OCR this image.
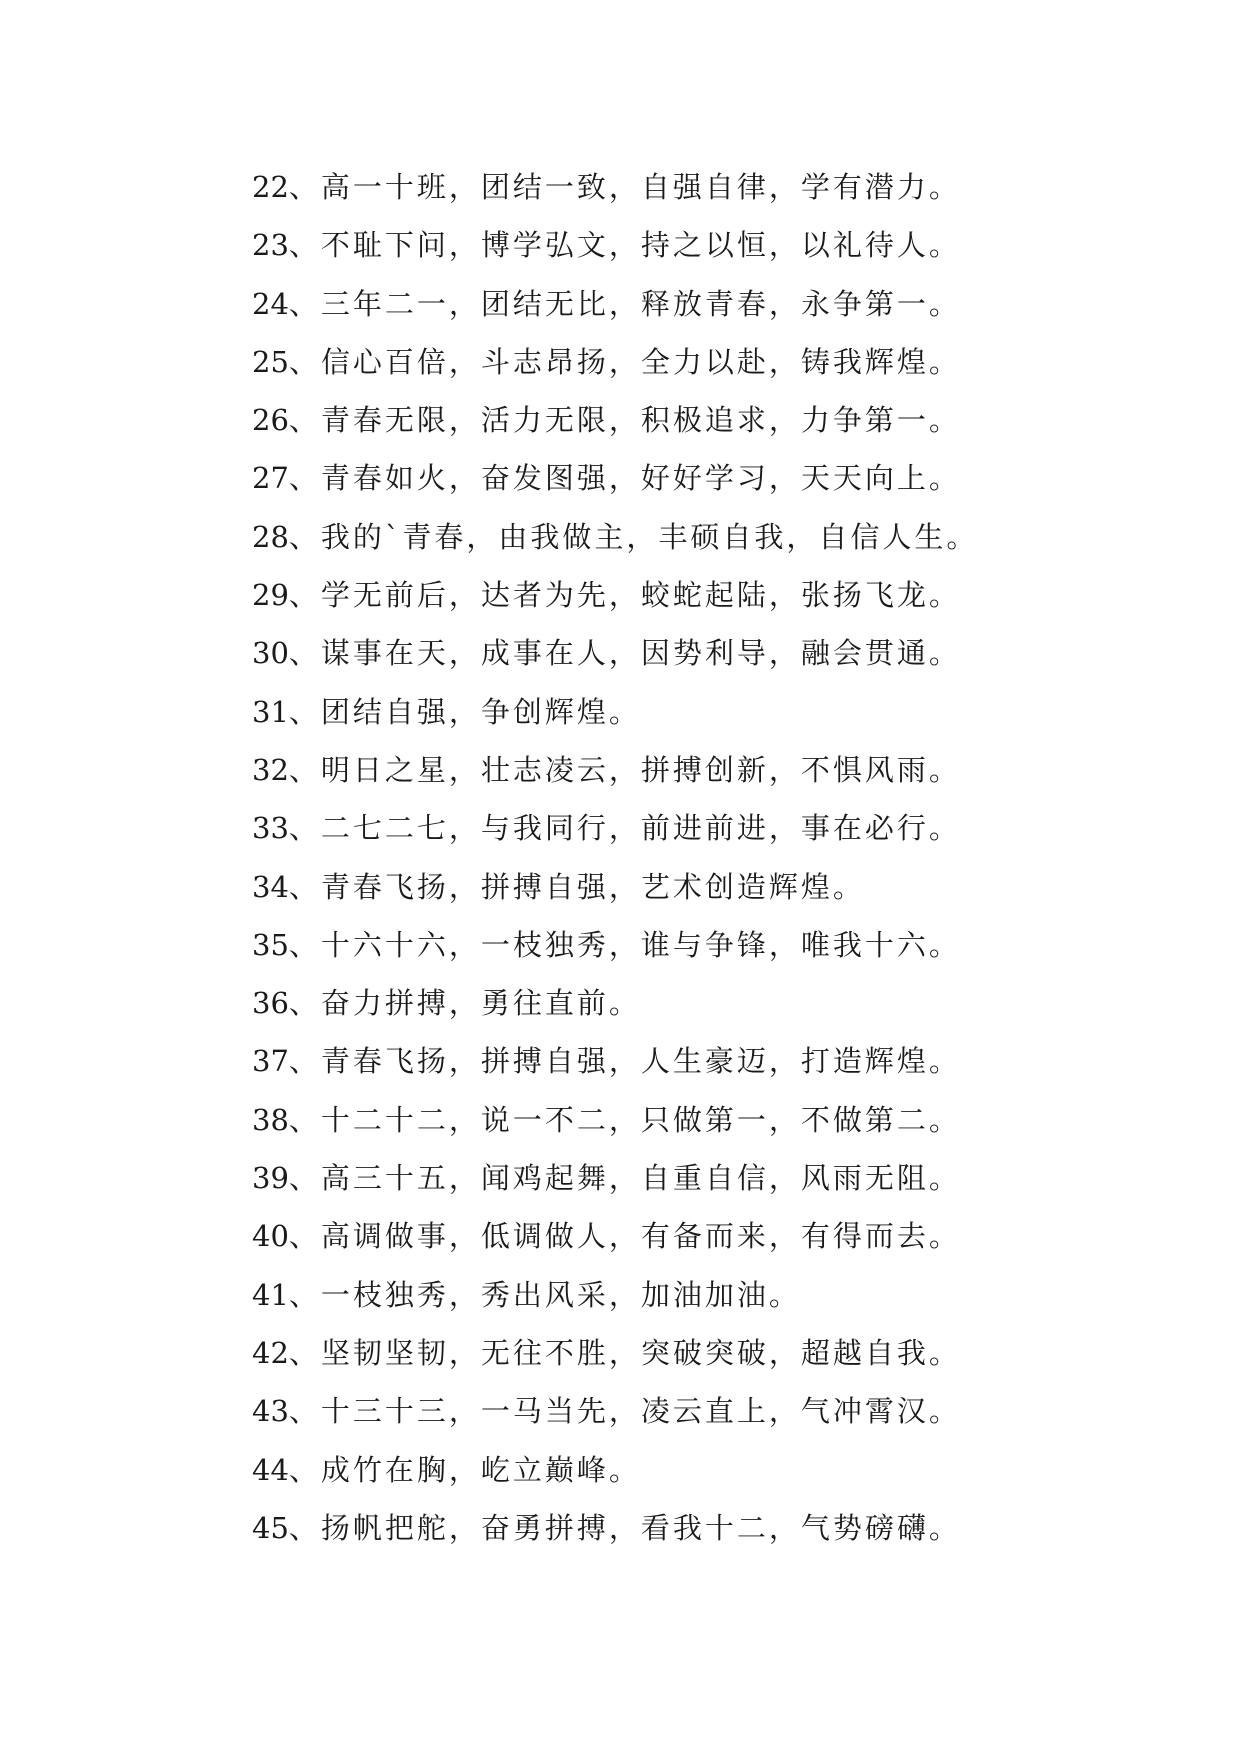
22、高一十班，团结一致，自强自律，学有潜力。
23、不耻下问，博学弘文，持之以恒，以礼待人。
24、三年二一，团结无比，释放青春，永争第一。
25、信心百倍，斗志昂扬，全力以赴，铸我辉煌。
26、青春无限，活力无限，积极追求，力争第一。
27、青春如火，奋发图强，好好学习，天天向上。
28、我的`青春，由我做主，丰硕自我，自信人生。
29、学无前后，达者为先，蛟蛇起陆，张扬飞龙。
30、谋事在天，成事在人，因势利导，融会贯通。
31、团结自强，争创辉煌。
32、明日之星，壮志凌云，拼搏创新，不惧风雨。
33、二七二七，与我同行，前进前进，事在必行。
34、青春飞扬，拼搏自强，艺术创造辉煌。
35、十六十六，一枝独秀，谁与争锋，唯我十六。
36、奋力拼搏，勇往直前。
37、青春飞扬，拼搏自强，人生豪迈，打造辉煌。
38、十二十二，说一不二，只做第一，不做第二。
39、高三十五，闻鸡起舞，自重自信，风雨无阻。
40、高调做事，低调做人，有备而来，有得而去。
41、一枝独秀，秀出风采，加油加油。
42、坚韧坚韧，无往不胜，突破突破，超越自我。
43、十三十三，一马当先，凌云直上，气冲霄汉。
44、成竹在胸，屹立巅峰。
45、扬帆把舵，奋勇拼搏，看我十二，气势磅礴。
